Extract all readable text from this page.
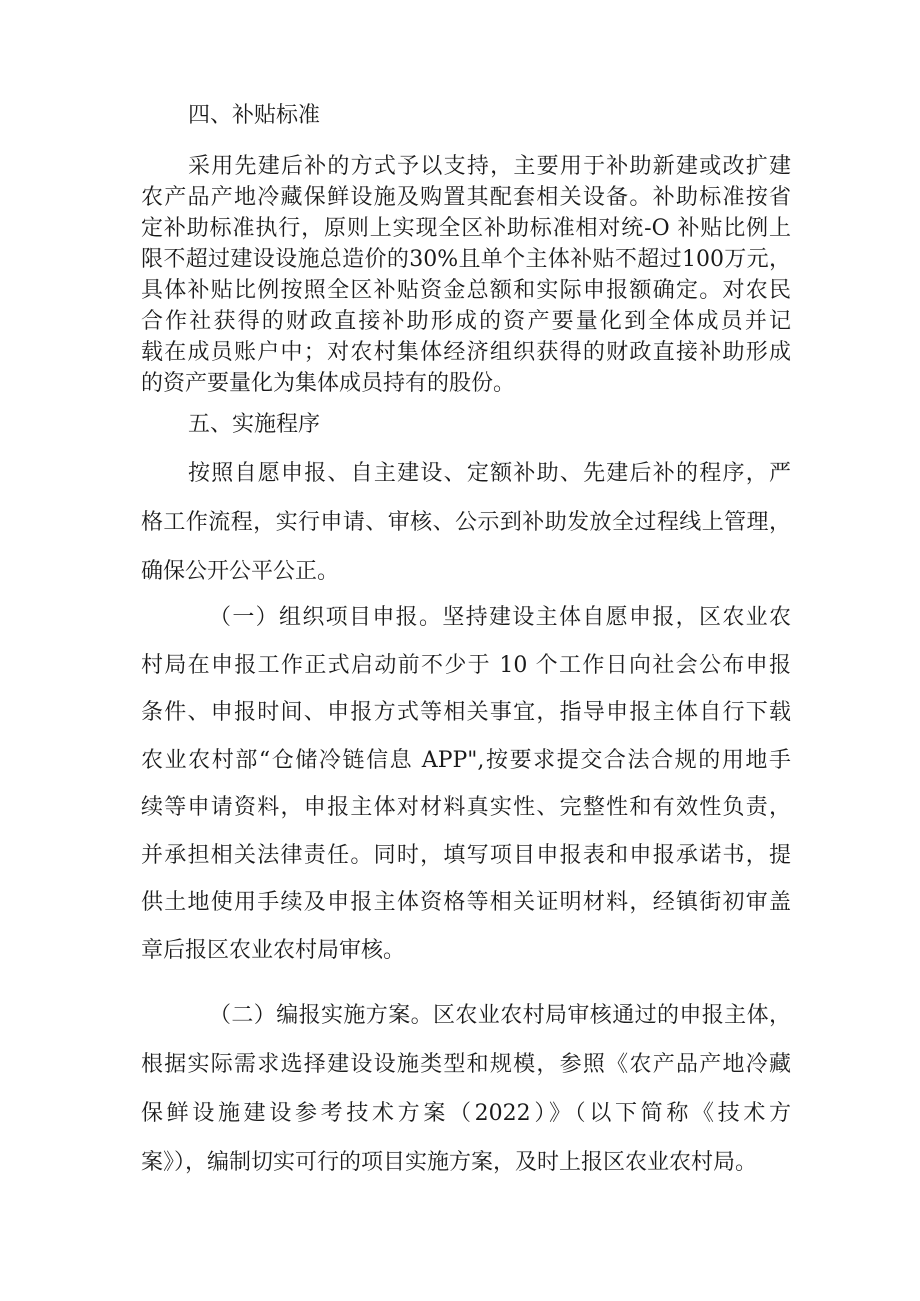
四、补贴标准
采用先建后补的方式予以支持，主要用于补助新建或改扩建
农产品产地冷藏保鲜设施及购置其配套相关设备。补助标准按省
定补助标准执行，原则上实现全区补助标准相对统-O 补贴比例上
限不超过建设设施总造价的30%且单个主体补贴不超过100万元，
具体补贴比例按照全区补贴资金总额和实际申报额确定。对农民
合作社获得的财政直接补助形成的资产要量化到全体成员并记
载在成员账户中；对农村集体经济组织获得的财政直接补助形成
的资产要量化为集体成员持有的股份。
五、实施程序
按照自愿申报、自主建设、定额补助、先建后补的程序，严
格工作流程，实行申请、审核、公示到补助发放全过程线上管理，
确保公开公平公正。
（一）组织项目申报。坚持建设主体自愿申报，区农业农
村局在申报工作正式启动前不少于 10 个工作日向社会公布申报
条件、申报时间、申报方式等相关事宜，指导申报主体自行下载
农业农村部“仓储冷链信息 APP",按要求提交合法合规的用地手
续等申请资料，申报主体对材料真实性、完整性和有效性负责，
并承担相关法律责任。同时，填写项目申报表和申报承诺书，提
供土地使用手续及申报主体资格等相关证明材料，经镇街初审盖
章后报区农业农村局审核。
（二）编报实施方案。区农业农村局审核通过的申报主体，
根据实际需求选择建设设施类型和规模，参照《农产品产地冷藏
保鲜设施建设参考技术方案（2022）》（以下简称《技术方
案》），编制切实可行的项目实施方案，及时上报区农业农村局。
